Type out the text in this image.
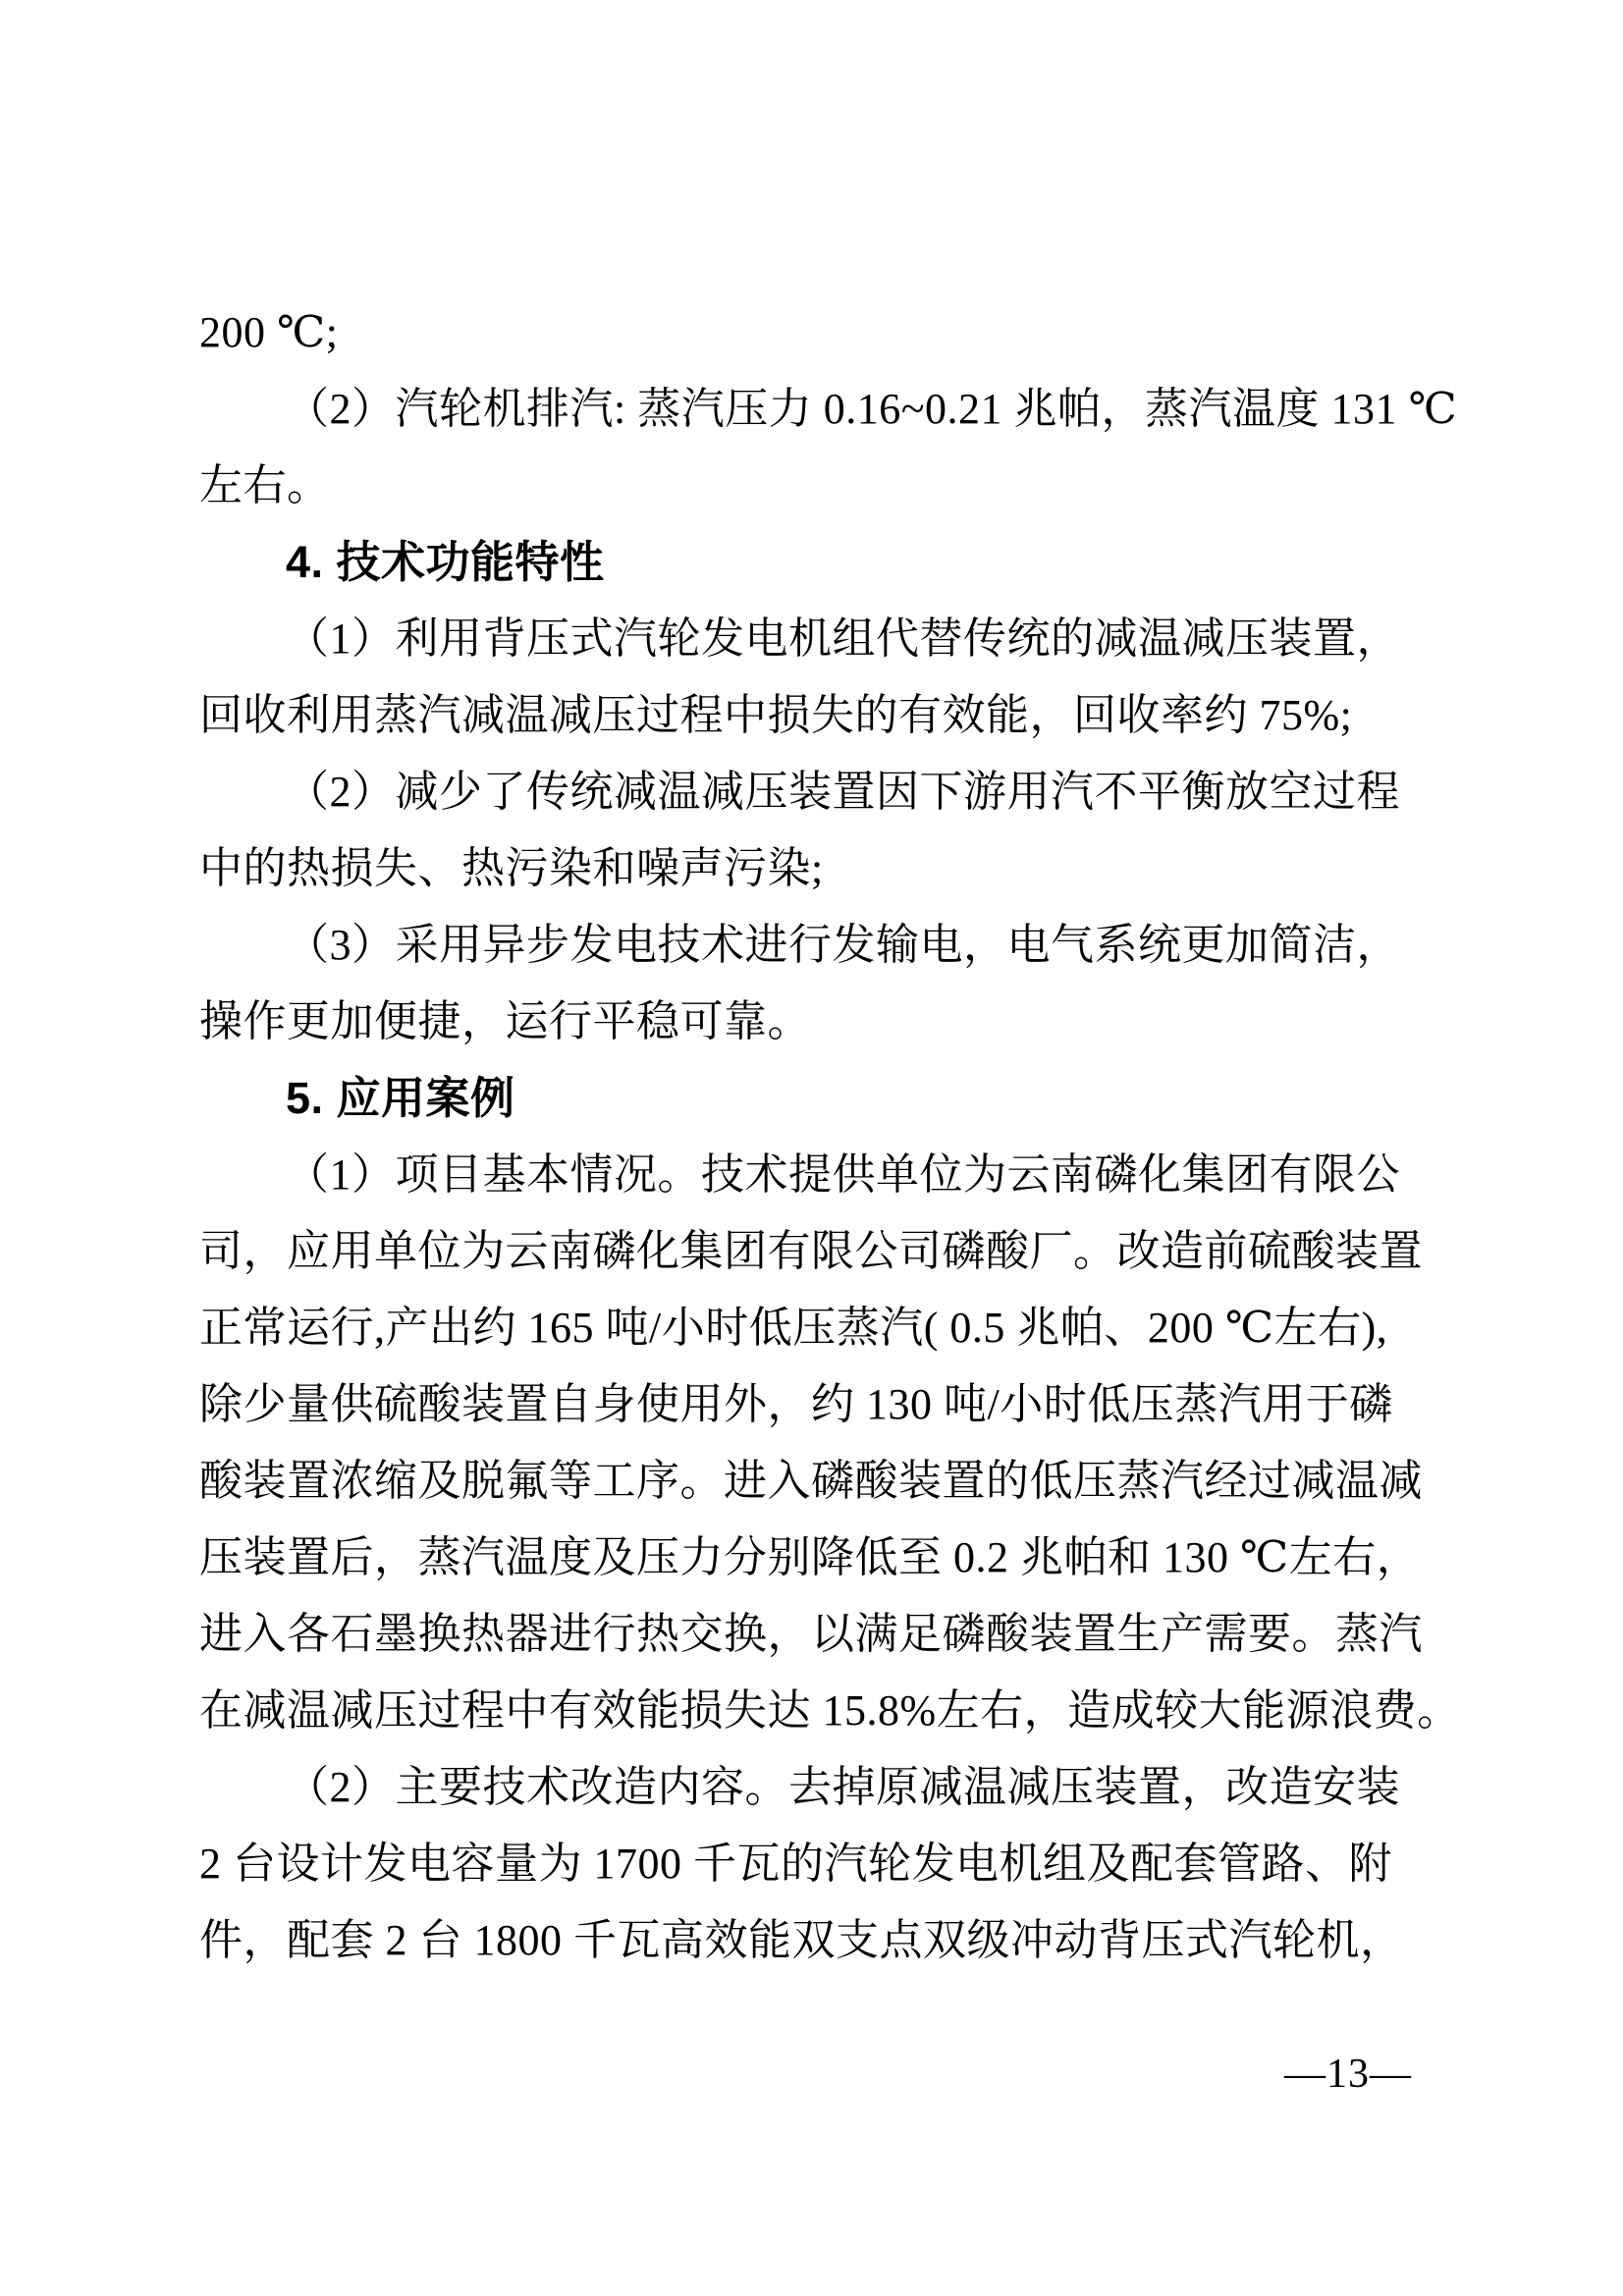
200 ℃;
（2）汽轮机排汽: 蒸汽压力 0.16~0.21 兆帕，蒸汽温度 131 ℃
左右。
4. 技术功能特性
（1）利用背压式汽轮发电机组代替传统的减温减压装置，
回收利用蒸汽减温减压过程中损失的有效能，回收率约 75%;
（2）减少了传统减温减压装置因下游用汽不平衡放空过程
中的热损失、热污染和噪声污染;
（3）采用异步发电技术进行发输电，电气系统更加简洁，
操作更加便捷，运行平稳可靠。
5. 应用案例
（1）项目基本情况。技术提供单位为云南磷化集团有限公
司，应用单位为云南磷化集团有限公司磷酸厂。改造前硫酸装置
正常运行,产出约 165 吨/小时低压蒸汽( 0.5 兆帕、200 ℃左右),
除少量供硫酸装置自身使用外，约 130 吨/小时低压蒸汽用于磷
酸装置浓缩及脱氟等工序。进入磷酸装置的低压蒸汽经过减温减
压装置后，蒸汽温度及压力分别降低至 0.2 兆帕和 130 ℃左右，
进入各石墨换热器进行热交换，以满足磷酸装置生产需要。蒸汽
在减温减压过程中有效能损失达 15.8%左右，造成较大能源浪费。
（2）主要技术改造内容。去掉原减温减压装置，改造安装
2 台设计发电容量为 1700 千瓦的汽轮发电机组及配套管路、附
件，配套 2 台 1800 千瓦高效能双支点双级冲动背压式汽轮机，
—13—
